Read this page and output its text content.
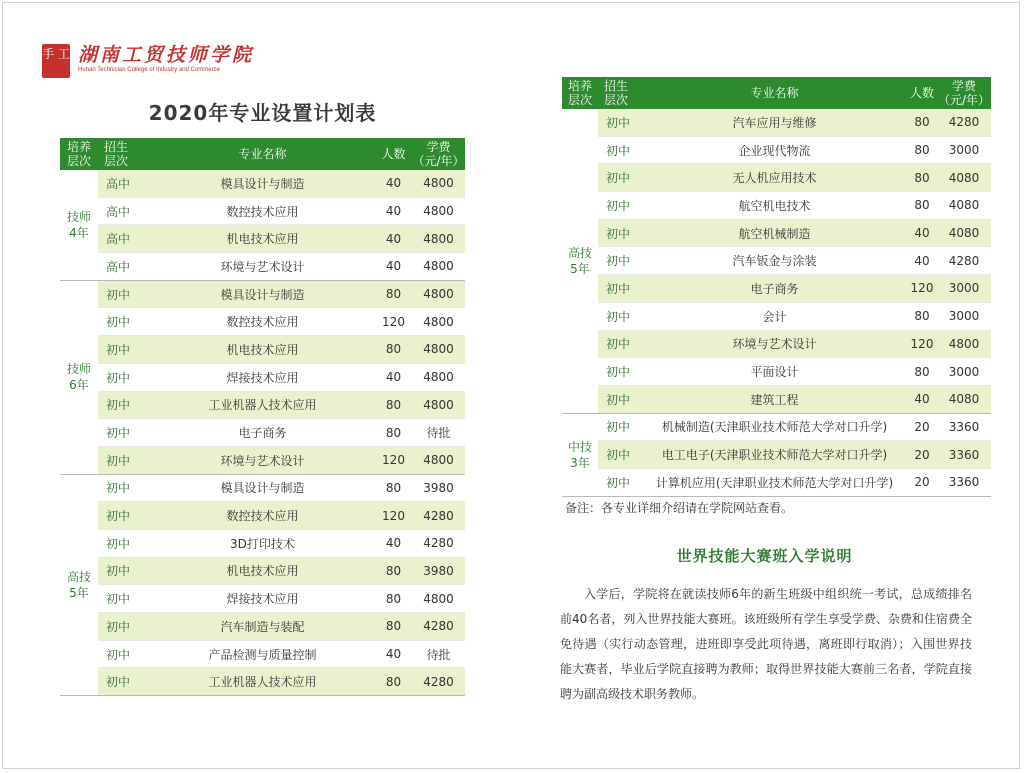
手 工 湖南工贸技师学院
Hunan Technician College of Industry and Commerce
2020年专业设置计划表
培养
层次	招生
层次	专业名称	人数	学费
（元/年）
技师
4年	高中	模具设计与制造	40	4800
	高中	数控技术应用	40	4800
	高中	机电技术应用	40	4800
	高中	环境与艺术设计	40	4800
技师
6年	初中	模具设计与制造	80	4800
	初中	数控技术应用	120	4800
	初中	机电技术应用	80	4800
	初中	焊接技术应用	40	4800
	初中	工业机器人技术应用	80	4800
	初中	电子商务	80	待批
	初中	环境与艺术设计	120	4800
高技
5年	初中	模具设计与制造	80	3980
	初中	数控技术应用	120	4280
	初中	3D打印技术	40	4280
	初中	机电技术应用	80	3980
	初中	焊接技术应用	80	4800
	初中	汽车制造与装配	80	4280
	初中	产品检测与质量控制	40	待批
	初中	工业机器人技术应用	80	4280
培养
层次	招生
层次	专业名称	人数	学费
（元/年）
高技
5年	初中	汽车应用与维修	80	4280
	初中	企业现代物流	80	3000
	初中	无人机应用技术	80	4080
	初中	航空机电技术	80	4080
	初中	航空机械制造	40	4080
	初中	汽车钣金与涂装	40	4280
	初中	电子商务	120	3000
	初中	会计	80	3000
	初中	环境与艺术设计	120	4800
	初中	平面设计	80	3000
	初中	建筑工程	40	4080
中技
3年	初中	机械制造(天津职业技术师范大学对口升学)	20	3360
	初中	电工电子(天津职业技术师范大学对口升学)	20	3360
	初中	计算机应用(天津职业技术师范大学对口升学)	20	3360
备注：各专业详细介绍请在学院网站查看。
世界技能大赛班入学说明
入学后，学院将在就读技师6年的新生班级中组织统一考试，总成绩排名前40名者，列入世界技能大赛班。该班级所有学生享受学费、杂费和住宿费全免待遇（实行动态管理，进班即享受此项待遇，离班即行取消）；入围世界技能大赛者，毕业后学院直接聘为教师；取得世界技能大赛前三名者，学院直接聘为副高级技术职务教师。
